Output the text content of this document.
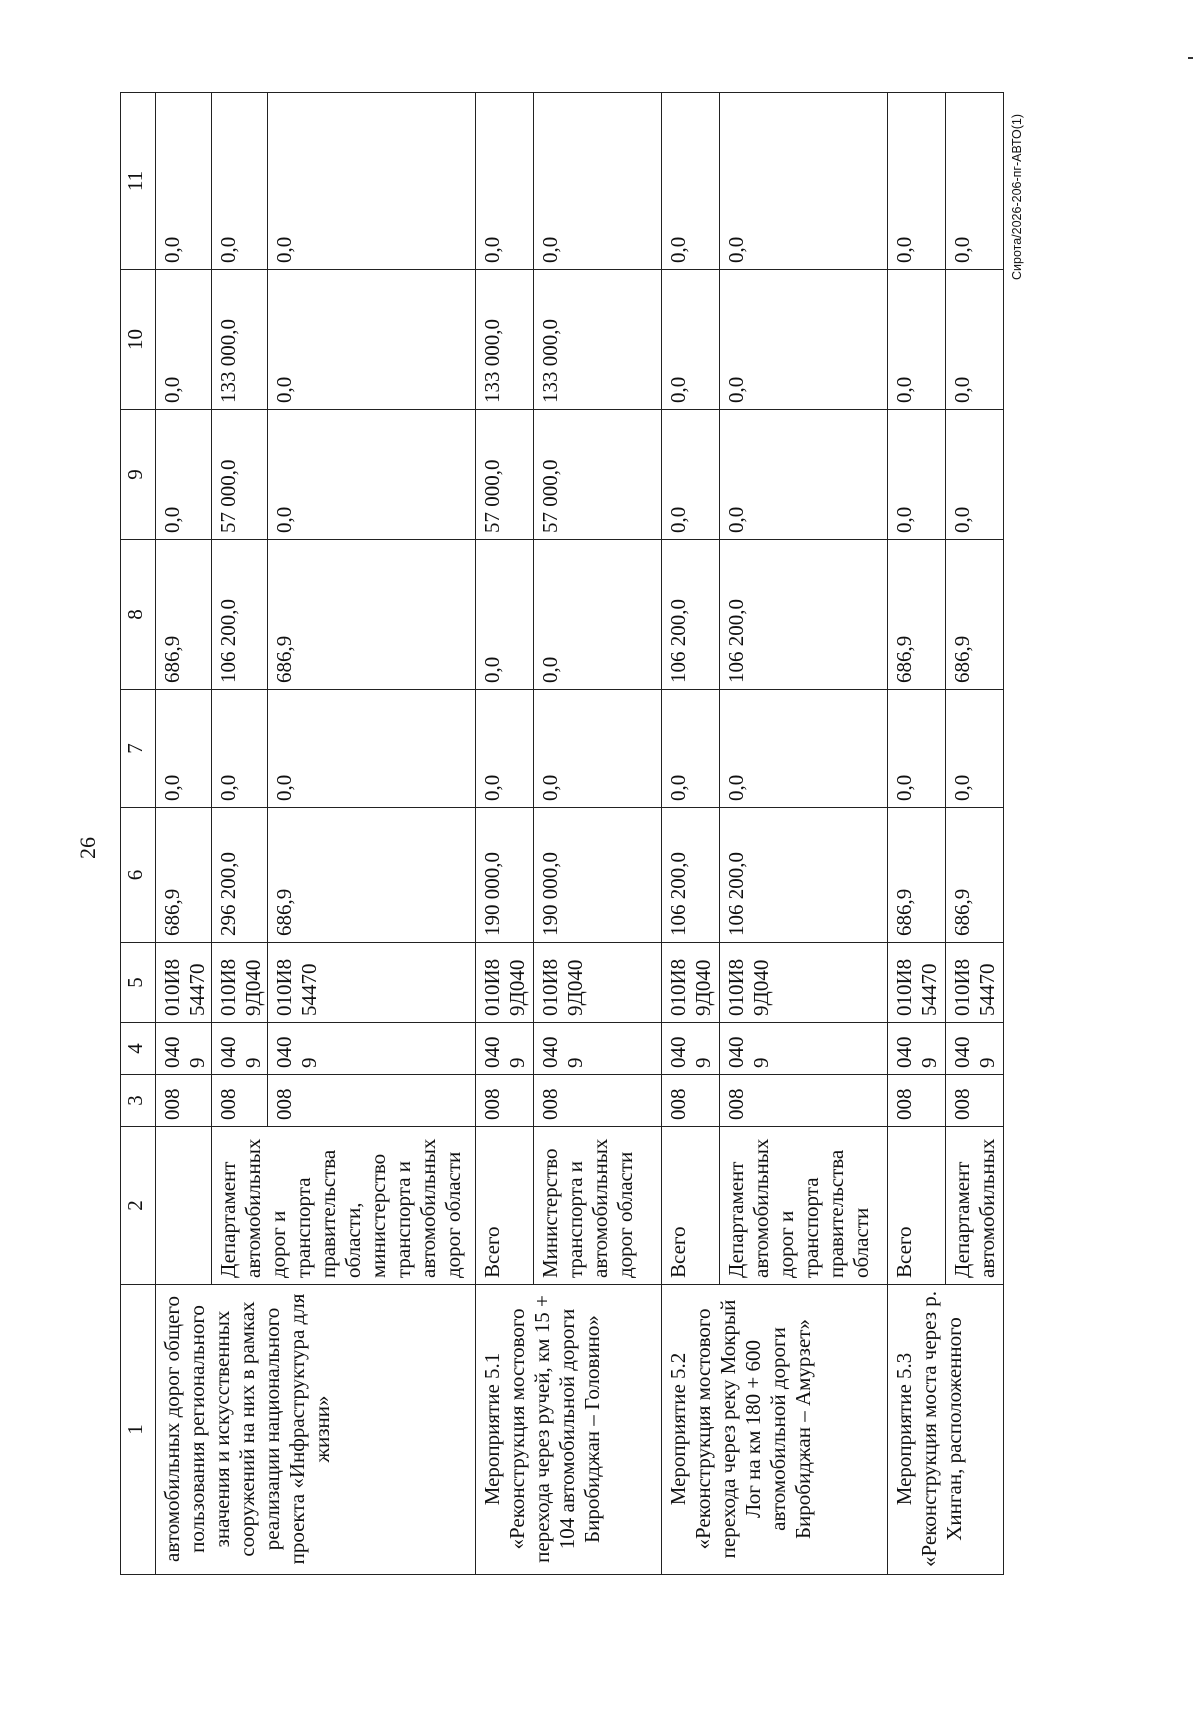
26
Сирота/2026-206-пг-АВТО(1)
1	2	3	4	5	6	7	8	9	10	11
автомобильных дорог общего пользования регионального значения и искусственных сооружений на них в рамках реализации национального проекта «Инфраструктура для жизни»		008	0409	010И8 54470	686,9	0,0	686,9	0,0	0,0	0,0
	Департамент автомобильных дорог и транспорта правительства области, министерство транспорта и автомобильных дорог области	008	0409	010И8 9Д040	296 200,0	0,0	106 200,0	57 000,0	133 000,0	0,0
		008	0409	010И8 54470	686,9	0,0	686,9	0,0	0,0	0,0
Мероприятие 5.1 «Реконструкция мостового перехода через ручей, км 15 + 104 автомобильной дороги Биробиджан – Головино»	Всего	008	0409	010И8 9Д040	190 000,0	0,0	0,0	57 000,0	133 000,0	0,0
	Министерство транспорта и автомобильных дорог области	008	0409	010И8 9Д040	190 000,0	0,0	0,0	57 000,0	133 000,0	0,0
Мероприятие 5.2 «Реконструкция мостового перехода через реку Мокрый Лог на км 180 + 600 автомобильной дороги Биробиджан – Амурзет»	Всего	008	0409	010И8 9Д040	106 200,0	0,0	106 200,0	0,0	0,0	0,0
	Департамент автомобильных дорог и транспорта правительства области	008	0409	010И8 9Д040	106 200,0	0,0	106 200,0	0,0	0,0	0,0
Мероприятие 5.3 «Реконструкция моста через р. Хинган, расположенного	Всего	008	0409	010И8 54470	686,9	0,0	686,9	0,0	0,0	0,0
	Департамент автомобильных	008	0409	010И8 54470	686,9	0,0	686,9	0,0	0,0	0,0
